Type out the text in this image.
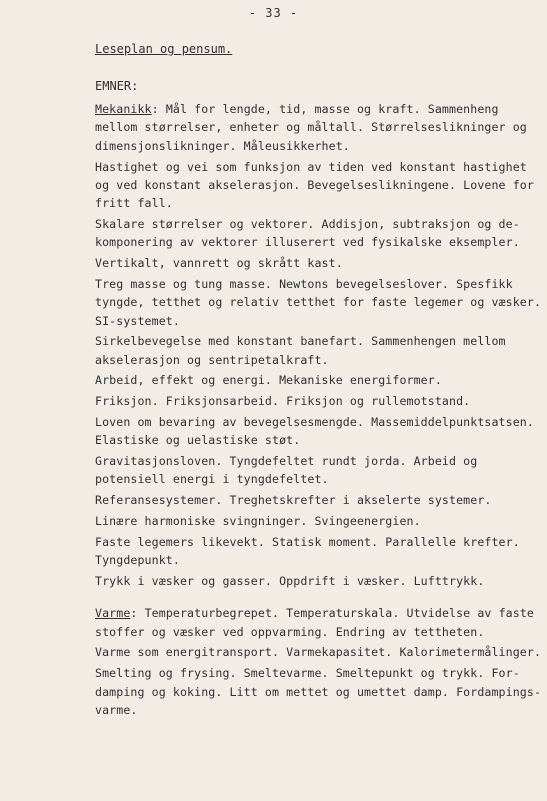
- 33 -
Leseplan og pensum.
EMNER:
Mekanikk: Mål for lengde, tid, masse og kraft. Sammenheng
mellom størrelser, enheter og måltall. Størrelseslikninger og
dimensjonslikninger. Måleusikkerhet.
Hastighet og vei som funksjon av tiden ved konstant hastighet
og ved konstant akselerasjon. Bevegelseslikningene. Lovene for
fritt fall.
Skalare størrelser og vektorer. Addisjon, subtraksjon og de-
komponering av vektorer illuserert ved fysikalske eksempler.
Vertikalt, vannrett og skrått kast.
Treg masse og tung masse. Newtons bevegelseslover. Spesfikk
tyngde, tetthet og relativ tetthet for faste legemer og væsker.
SI-systemet.
Sirkelbevegelse med konstant banefart. Sammenhengen mellom
akselerasjon og sentripetalkraft.
Arbeid, effekt og energi. Mekaniske energiformer.
Friksjon. Friksjonsarbeid. Friksjon og rullemotstand.
Loven om bevaring av bevegelsesmengde. Massemiddelpunktsatsen.
Elastiske og uelastiske støt.
Gravitasjonsloven. Tyngdefeltet rundt jorda. Arbeid og
potensiell energi i tyngdefeltet.
Referansesystemer. Treghetskrefter i akselerte systemer.
Linære harmoniske svingninger. Svingeenergien.
Faste legemers likevekt. Statisk moment. Parallelle krefter.
Tyngdepunkt.
Trykk i væsker og gasser. Oppdrift i væsker. Lufttrykk.
Varme: Temperaturbegrepet. Temperaturskala. Utvidelse av faste
stoffer og væsker ved oppvarming. Endring av tettheten.
Varme som energitransport. Varmekapasitet. Kalorimetermålinger.
Smelting og frysing. Smeltevarme. Smeltepunkt og trykk. For-
damping og koking. Litt om mettet og umettet damp. Fordampings-
varme.
